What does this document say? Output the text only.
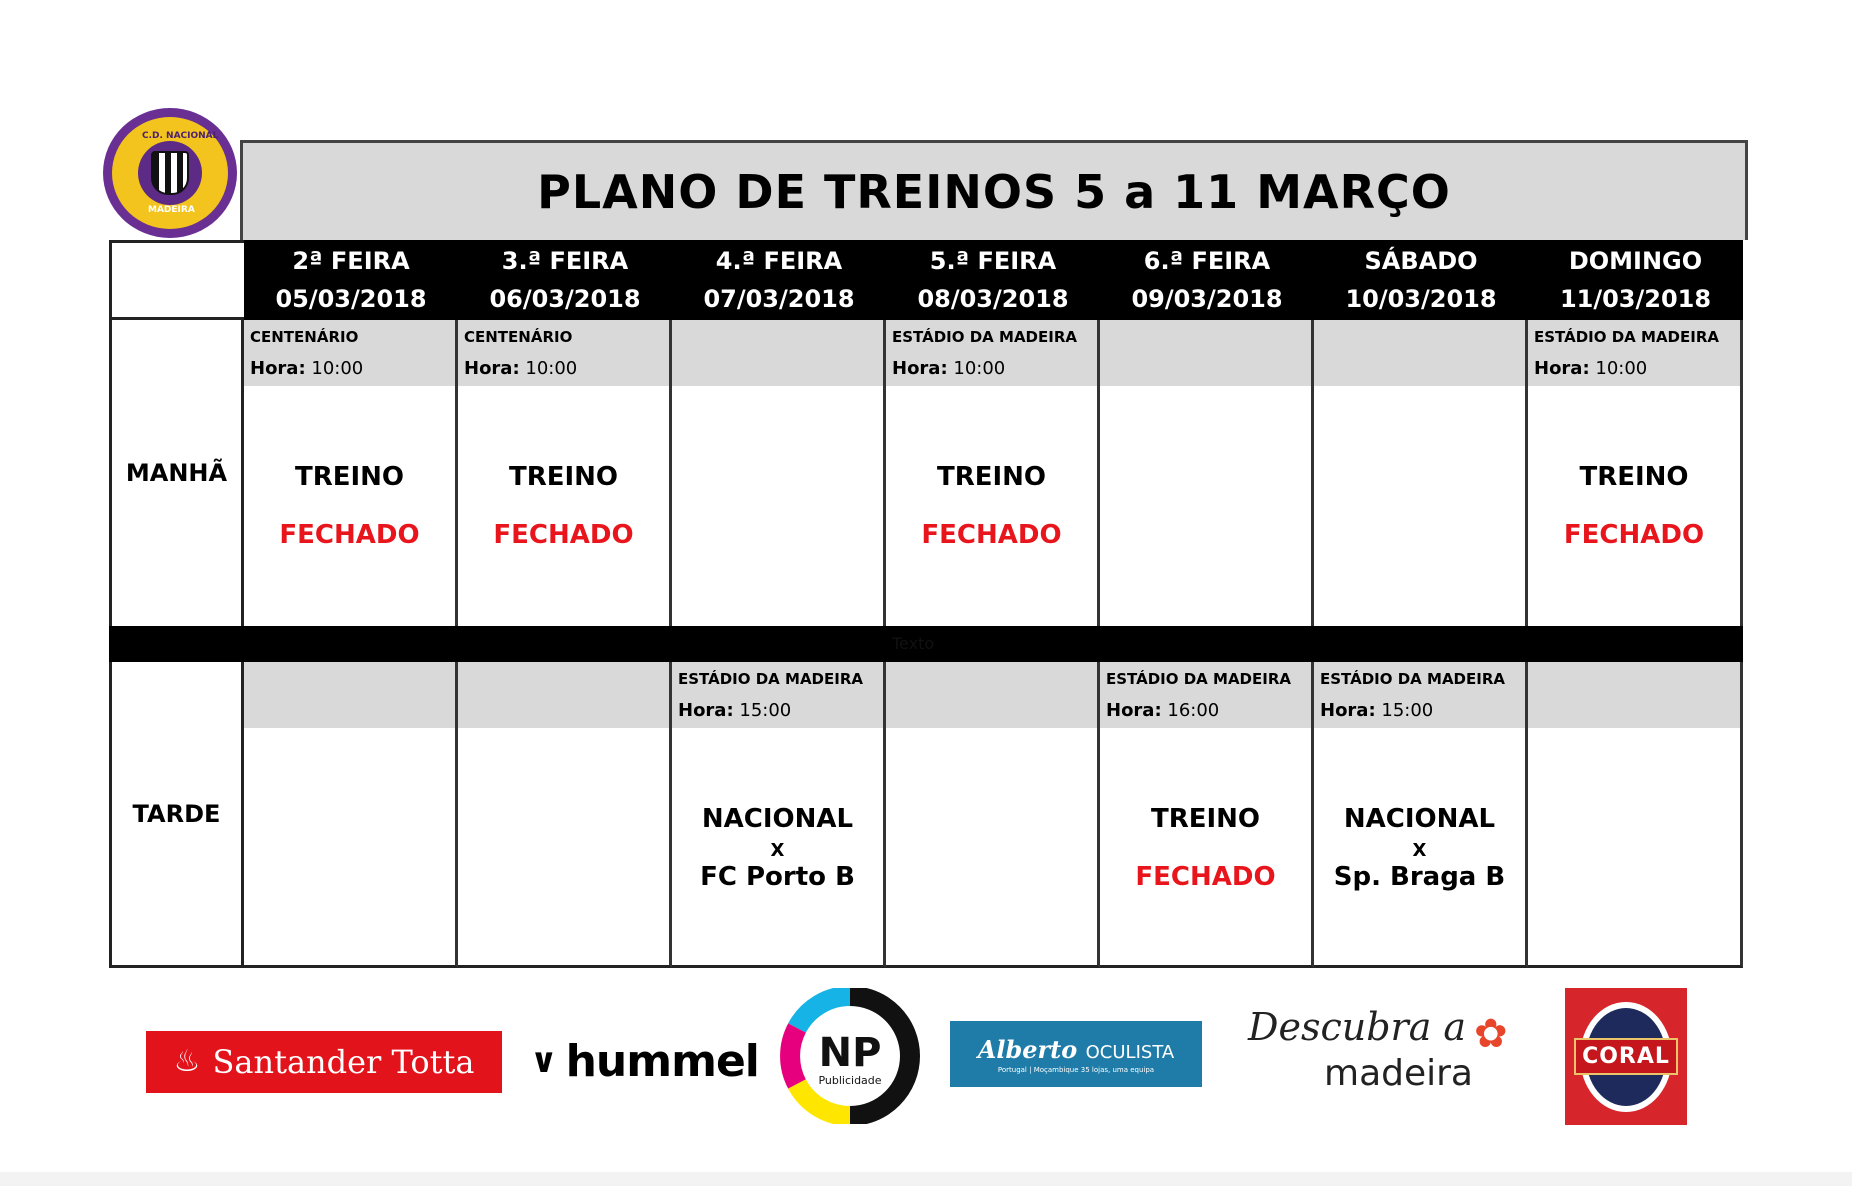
C.D. NACIONAL
MADEIRA	PLANO DE TREINOS 5 a 11 MARÇO
2ª FEIRA
05/03/2018
3.ª FEIRA
06/03/2018
4.ª FEIRA
07/03/2018
5.ª FEIRA
08/03/2018
6.ª FEIRA
09/03/2018
SÁBADO
10/03/2018
DOMINGO
11/03/2018
MANHÃ
CENTENÁRIO
Hora: 10:00
TREINO
FECHADO
CENTENÁRIO
Hora: 10:00
TREINO
FECHADO
ESTÁDIO DA MADEIRA
Hora: 10:00
TREINO
FECHADO
ESTÁDIO DA MADEIRA
Hora: 10:00
TREINO
FECHADO
Texto
TARDE
ESTÁDIO DA MADEIRA
Hora: 15:00
NACIONAL
X
FC Porto B
ESTÁDIO DA MADEIRA
Hora: 16:00
TREINO
FECHADO
ESTÁDIO DA MADEIRA
Hora: 15:00
NACIONAL
X
Sp. Braga B
♨ Santander Totta ∨ hummel NP
Publicidade
Alberto OCULISTA
Portugal | Moçambique 35 lojas, uma equipa
Descubra a ✿
madeira	CORAL
